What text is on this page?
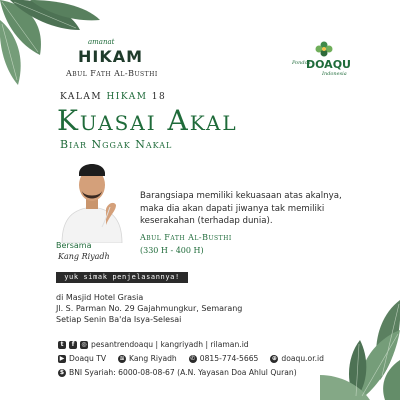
amanat
HIKAM
Abul Fath Al-Busthi
Pondok
DOAQU
Indonesia
KALAM HIKAM 18
Kuasai Akal
Biar Nggak Nakal
Barangsiapa memiliki kekuasaan atas akalnya, maka dia akan dapati jiwanya tak memiliki keserakahan (terhadap dunia).
Abul Fath Al-Busthi
(330 H - 400 H)
Bersama
Kang Riyadh
yuk simak penjelasannya!
di Masjid Hotel Grasia
Jl. S. Parman No. 29 Gajahmungkur, Semarang
Setiap Senin Ba'da Isya-Selesai
t	f	◎ pesantrendoaqu | kangriyadh | rilaman.id
▶ Doaqu TV ≋ Kang Riyadh ✆ 0815-774-5665 ⊕ doaqu.or.id
$ BNI Syariah: 6000-08-08-67 (A.N. Yayasan Doa Ahlul Quran)
